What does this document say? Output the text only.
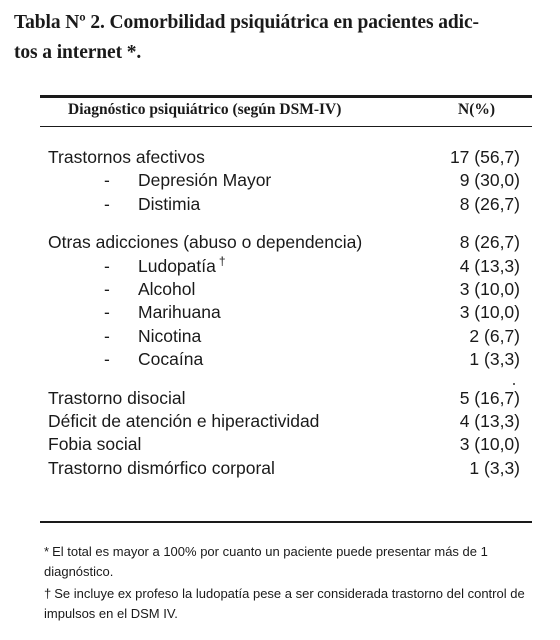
Tabla Nº 2. Comorbilidad psiquiátrica en pacientes adic-
tos a internet *.
Diagnóstico psiquiátrico (según DSM-IV)	N(%)
Trastornos afectivos	17 (56,7)
- Depresión Mayor	9 (30,0)
- Distimia	8 (26,7)
Otras adicciones (abuso o dependencia)	8 (26,7)
- Ludopatía †	4 (13,3)
- Alcohol	3 (10,0)
- Marihuana	3 (10,0)
- Nicotina	2 (6,7)
- Cocaína	1 (3,3)
Trastorno disocial	5 (16,7)
Déficit de atención e hiperactividad	4 (13,3)
Fobia social	3 (10,0)
Trastorno dismórfico corporal	1 (3,3)
* El total es mayor a 100% por cuanto un paciente puede presentar más de 1 diagnóstico.
† Se incluye ex profeso la ludopatía pese a ser considerada trastorno del control de impulsos en el DSM IV.
